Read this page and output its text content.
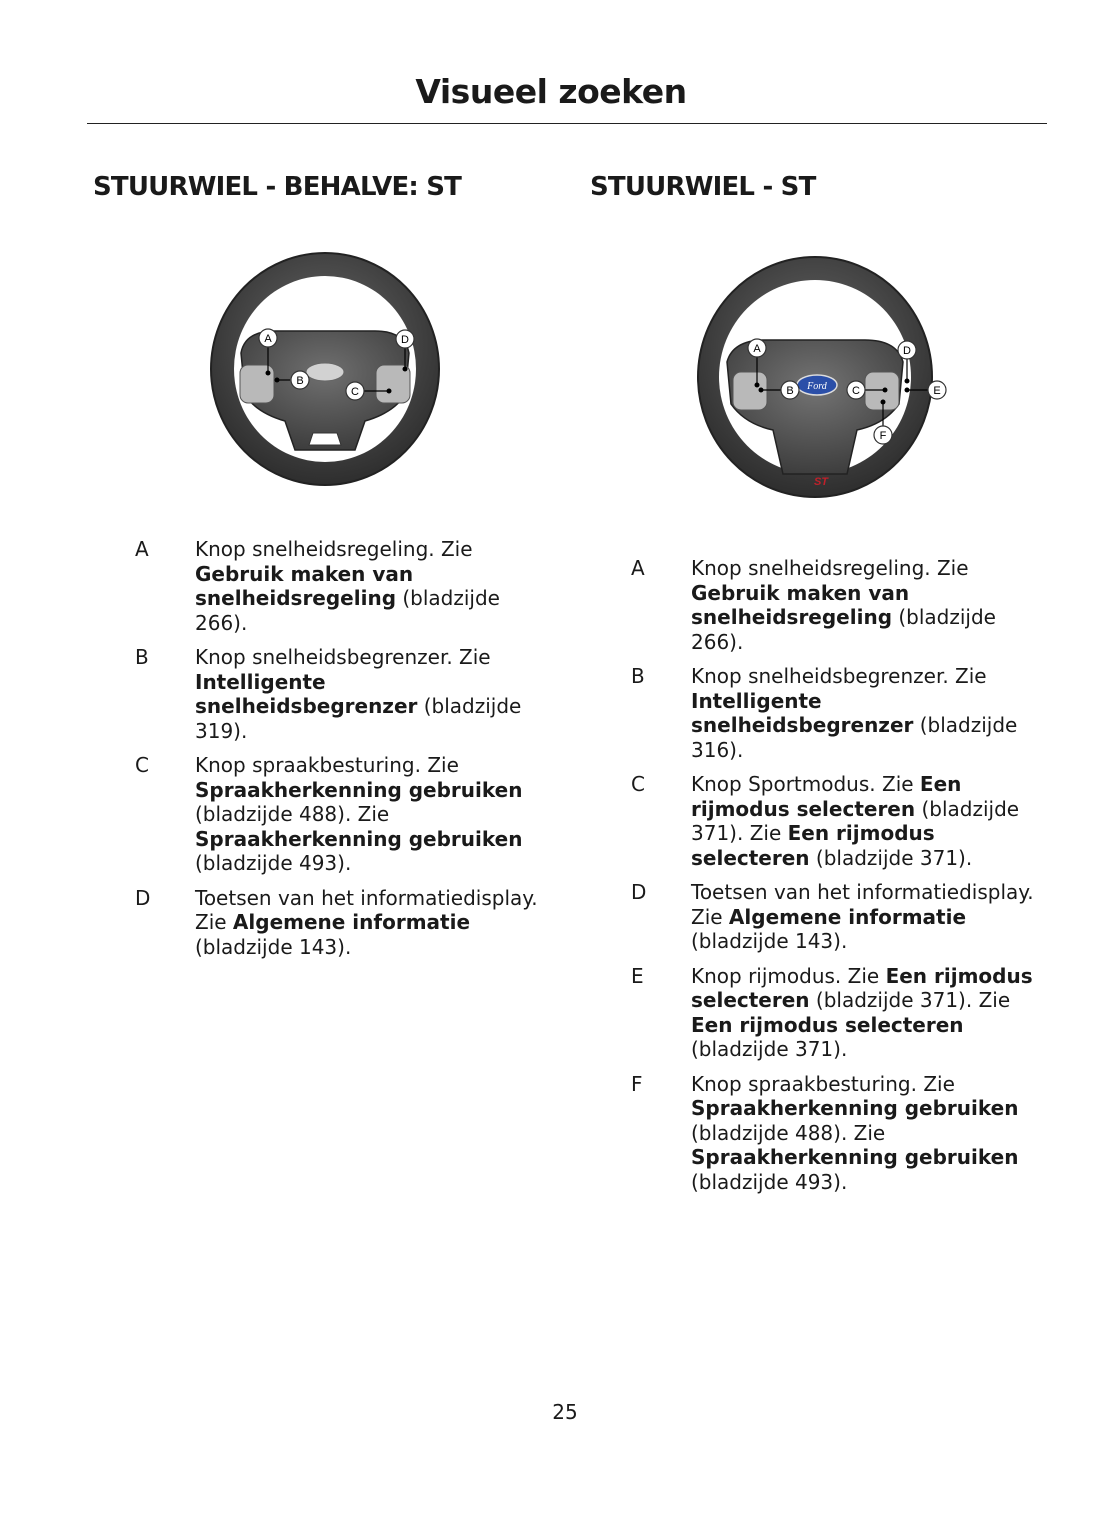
Visueel zoeken
STUURWIEL - BEHALVE: ST	STUURWIEL - ST
A	D
B
C	Ford
ST
A	D
B	C	E
F
A Knop snelheidsregeling. Zie Gebruik maken van snelheidsregeling (bladzijde 266).
B Knop snelheidsbegrenzer. Zie Intelligente snelheidsbegrenzer (bladzijde 319).
C Knop spraakbesturing. Zie Spraakherkenning gebruiken (bladzijde 488). Zie Spraakherkenning gebruiken (bladzijde 493).
D Toetsen van het informatiedisplay. Zie Algemene informatie (bladzijde 143).
A Knop snelheidsregeling. Zie Gebruik maken van snelheidsregeling (bladzijde 266).
B Knop snelheidsbegrenzer. Zie Intelligente snelheidsbegrenzer (bladzijde 316).
C Knop Sportmodus. Zie Een rijmodus selecteren (bladzijde 371). Zie Een rijmodus selecteren (bladzijde 371).
D Toetsen van het informatiedisplay. Zie Algemene informatie (bladzijde 143).
E Knop rijmodus. Zie Een rijmodus selecteren (bladzijde 371). Zie Een rijmodus selecteren (bladzijde 371).
F Knop spraakbesturing. Zie Spraakherkenning gebruiken (bladzijde 488). Zie Spraakherkenning gebruiken (bladzijde 493).
25
